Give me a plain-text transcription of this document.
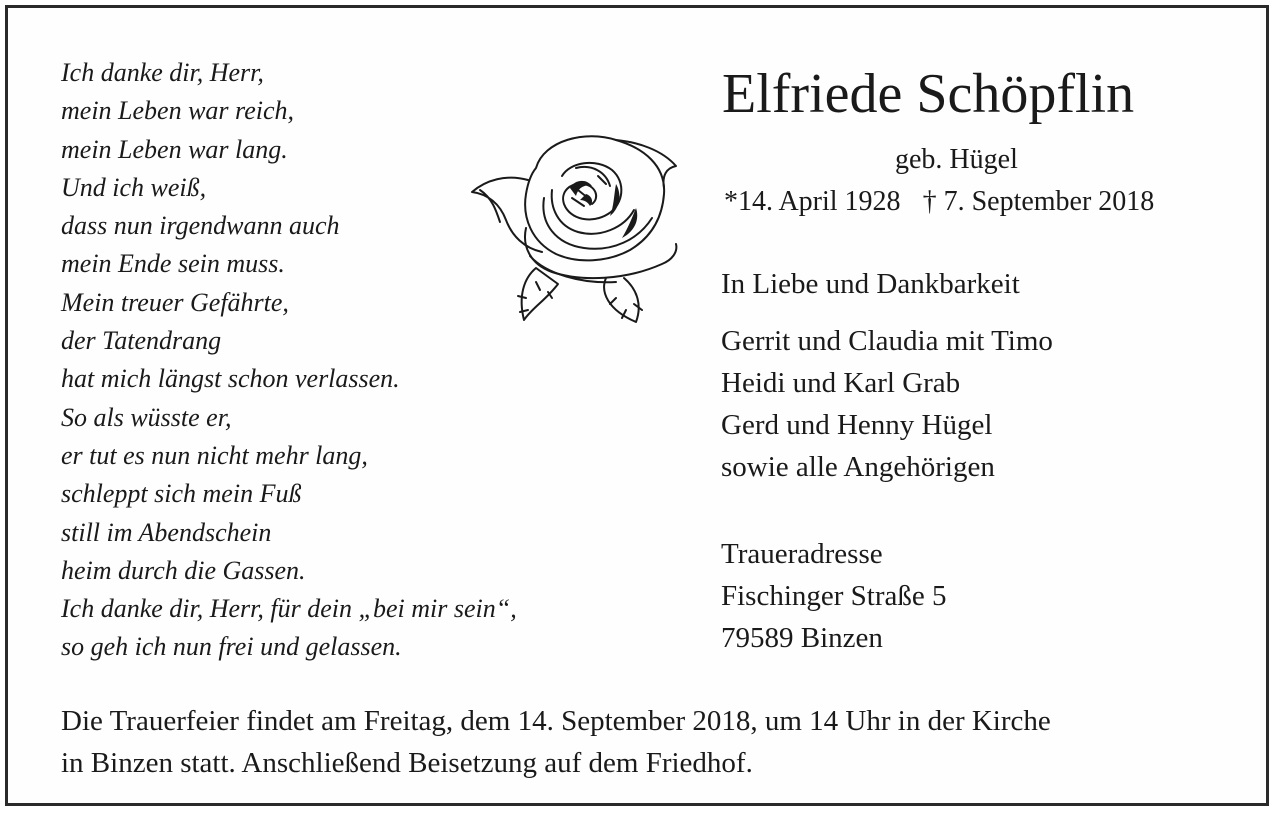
Ich danke dir, Herr,
mein Leben war reich,
mein Leben war lang.
Und ich weiß,
dass nun irgendwann auch
mein Ende sein muss.
Mein treuer Gefährte,
der Tatendrang
hat mich längst schon verlassen.
So als wüsste er,
er tut es nun nicht mehr lang,
schleppt sich mein Fuß
still im Abendschein
heim durch die Gassen.
Ich danke dir, Herr, für dein „bei mir sein“,
so geh ich nun frei und gelassen.
Elfriede Schöpflin
geb. Hügel
*14. April 1928 † 7. September 2018
In Liebe und Dankbarkeit
Gerrit und Claudia mit Timo
Heidi und Karl Grab
Gerd und Henny Hügel
sowie alle Angehörigen
Traueradresse
Fischinger Straße 5
79589 Binzen
Die Trauerfeier findet am Freitag, dem 14. September 2018, um 14 Uhr in der Kirche
in Binzen statt. Anschließend Beisetzung auf dem Friedhof.
